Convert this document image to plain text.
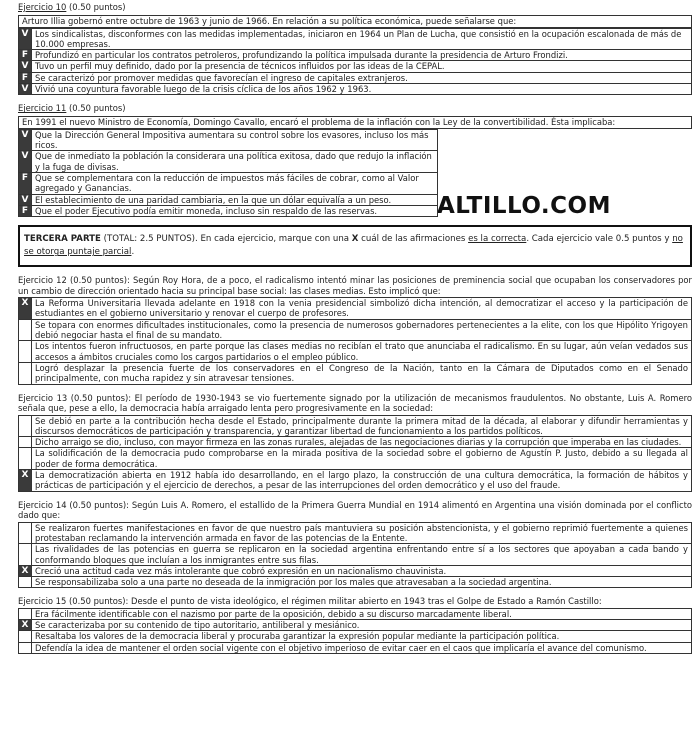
ALTILLO.COM
Ejercicio 10 (0.50 puntos)
Arturo Illia gobernó entre octubre de 1963 y junio de 1966. En relación a su política económica, puede señalarse que:
V	Los sindicalistas, disconformes con las medidas implementadas, iniciaron en 1964 un Plan de Lucha, que consistió en la ocupación escalonada de más de 10.000 empresas.
F	Profundizó en particular los contratos petroleros, profundizando la política impulsada durante la presidencia de Arturo Frondizi.
V	Tuvo un perfil muy definido, dado por la presencia de técnicos influidos por las ideas de la CEPAL.
F	Se caracterizó por promover medidas que favorecían el ingreso de capitales extranjeros.
V	Vivió una coyuntura favorable luego de la crisis cíclica de los años 1962 y 1963.
Ejercicio 11 (0.50 puntos)
En 1991 el nuevo Ministro de Economía, Domingo Cavallo, encaró el problema de la inflación con la Ley de la convertibilidad. Ésta implicaba:
V	Que la Dirección General Impositiva aumentara su control sobre los evasores, incluso los más ricos.
V	Que de inmediato la población la considerara una política exitosa, dado que redujo la inflación y la fuga de divisas.
F	Que se complementara con la reducción de impuestos más fáciles de cobrar, como al Valor agregado y Ganancias.
V	El establecimiento de una paridad cambiaria, en la que un dólar equivalía a un peso.
F	Que el poder Ejecutivo podía emitir moneda, incluso sin respaldo de las reservas.
TERCERA PARTE (TOTAL: 2.5 PUNTOS). En cada ejercicio, marque con una X cuál de las afirmaciones es la correcta. Cada ejercicio vale 0.5 puntos y no se otorga puntaje parcial.
Ejercicio 12 (0.50 puntos): Según Roy Hora, de a poco, el radicalismo intentó minar las posiciones de preminencia social que ocupaban los conservadores por un cambio de dirección orientado hacia su principal base social: las clases medias. Esto implicó que:
X	La Reforma Universitaria llevada adelante en 1918 con la venia presidencial simbolizó dicha intención, al democratizar el acceso y la participación de estudiantes en el gobierno universitario y renovar el cuerpo de profesores.
	Se topara con enormes dificultades institucionales, como la presencia de numerosos gobernadores pertenecientes a la elite, con los que Hipólito Yrigoyen debió negociar hasta el final de su mandato.
	Los intentos fueron infructuosos, en parte porque las clases medias no recibían el trato que anunciaba el radicalismo. En su lugar, aún veían vedados sus accesos a ámbitos cruciales como los cargos partidarios o el empleo público.
	Logró desplazar la presencia fuerte de los conservadores en el Congreso de la Nación, tanto en la Cámara de Diputados como en el Senado principalmente, con mucha rapidez y sin atravesar tensiones.
Ejercicio 13 (0.50 puntos): El período de 1930-1943 se vio fuertemente signado por la utilización de mecanismos fraudulentos. No obstante, Luis A. Romero señala que, pese a ello, la democracia había arraigado lenta pero progresivamente en la sociedad:
	Se debió en parte a la contribución hecha desde el Estado, principalmente durante la primera mitad de la década, al elaborar y difundir herramientas y discursos democráticos de participación y transparencia, y garantizar libertad de funcionamiento a los partidos políticos.
	Dicho arraigo se dio, incluso, con mayor firmeza en las zonas rurales, alejadas de las negociaciones diarias y la corrupción que imperaba en las ciudades.
	La solidificación de la democracia pudo comprobarse en la mirada positiva de la sociedad sobre el gobierno de Agustín P. Justo, debido a su llegada al poder de forma democrática.
X	La democratización abierta en 1912 había ido desarrollando, en el largo plazo, la construcción de una cultura democrática, la formación de hábitos y prácticas de participación y el ejercicio de derechos, a pesar de las interrupciones del orden democrático y el uso del fraude.
Ejercicio 14 (0.50 puntos): Según Luis A. Romero, el estallido de la Primera Guerra Mundial en 1914 alimentó en Argentina una visión dominada por el conflicto dado que:
	Se realizaron fuertes manifestaciones en favor de que nuestro país mantuviera su posición abstencionista, y el gobierno reprimió fuertemente a quienes protestaban reclamando la intervención armada en favor de las potencias de la Entente.
	Las rivalidades de las potencias en guerra se replicaron en la sociedad argentina enfrentando entre sí a los sectores que apoyaban a cada bando y conformando bloques que incluían a los inmigrantes entre sus filas.
X	Creció una actitud cada vez más intolerante que cobró expresión en un nacionalismo chauvinista.
	Se responsabilizaba solo a una parte no deseada de la inmigración por los males que atravesaban a la sociedad argentina.
Ejercicio 15 (0.50 puntos): Desde el punto de vista ideológico, el régimen militar abierto en 1943 tras el Golpe de Estado a Ramón Castillo:
	Era fácilmente identificable con el nazismo por parte de la oposición, debido a su discurso marcadamente liberal.
X	Se caracterizaba por su contenido de tipo autoritario, antiliberal y mesiánico.
	Resaltaba los valores de la democracia liberal y procuraba garantizar la expresión popular mediante la participación política.
	Defendía la idea de mantener el orden social vigente con el objetivo imperioso de evitar caer en el caos que implicaría el avance del comunismo.
